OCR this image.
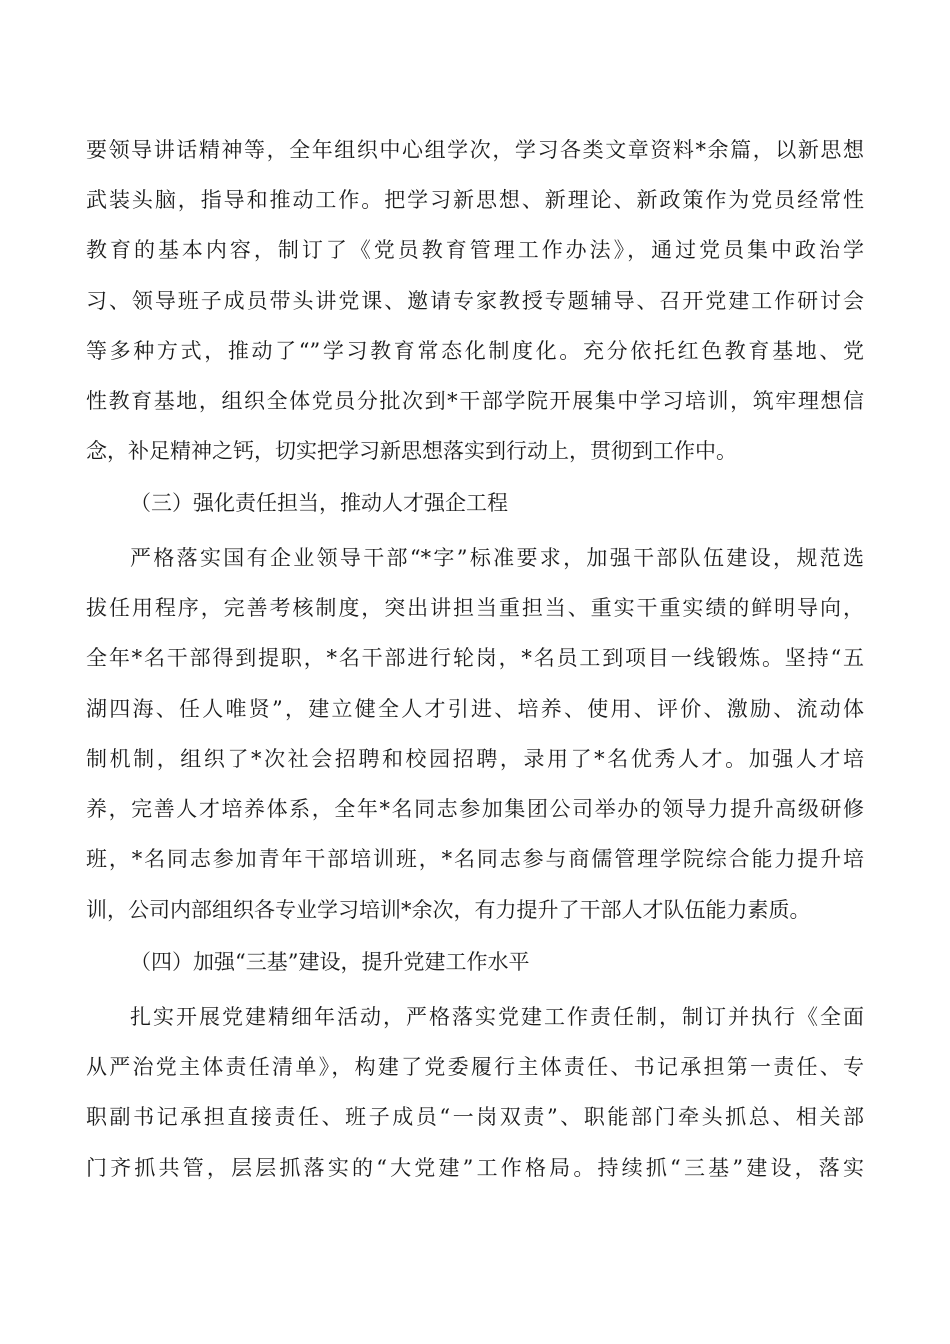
要领导讲话精神等，全年组织中心组学次，学习各类文章资料*余篇，以新思想
武装头脑，指导和推动工作。把学习新思想、新理论、新政策作为党员经常性
教育的基本内容，制订了《党员教育管理工作办法》，通过党员集中政治学
习、领导班子成员带头讲党课、邀请专家教授专题辅导、召开党建工作研讨会
等多种方式，推动了“”学习教育常态化制度化。充分依托红色教育基地、党
性教育基地，组织全体党员分批次到*干部学院开展集中学习培训，筑牢理想信
念，补足精神之钙，切实把学习新思想落实到行动上，贯彻到工作中。
（三）强化责任担当，推动人才强企工程
严格落实国有企业领导干部“*字”标准要求，加强干部队伍建设，规范选
拔任用程序，完善考核制度，突出讲担当重担当、重实干重实绩的鲜明导向，
全年*名干部得到提职，*名干部进行轮岗，*名员工到项目一线锻炼。坚持“五
湖四海、任人唯贤”，建立健全人才引进、培养、使用、评价、激励、流动体
制机制，组织了*次社会招聘和校园招聘，录用了*名优秀人才。加强人才培
养，完善人才培养体系，全年*名同志参加集团公司举办的领导力提升高级研修
班，*名同志参加青年干部培训班，*名同志参与商儒管理学院综合能力提升培
训，公司内部组织各专业学习培训*余次，有力提升了干部人才队伍能力素质。
（四）加强“三基”建设，提升党建工作水平
扎实开展党建精细年活动，严格落实党建工作责任制，制订并执行《全面
从严治党主体责任清单》，构建了党委履行主体责任、书记承担第一责任、专
职副书记承担直接责任、班子成员“一岗双责”、职能部门牵头抓总、相关部
门齐抓共管，层层抓落实的“大党建”工作格局。持续抓“三基”建设，落实
